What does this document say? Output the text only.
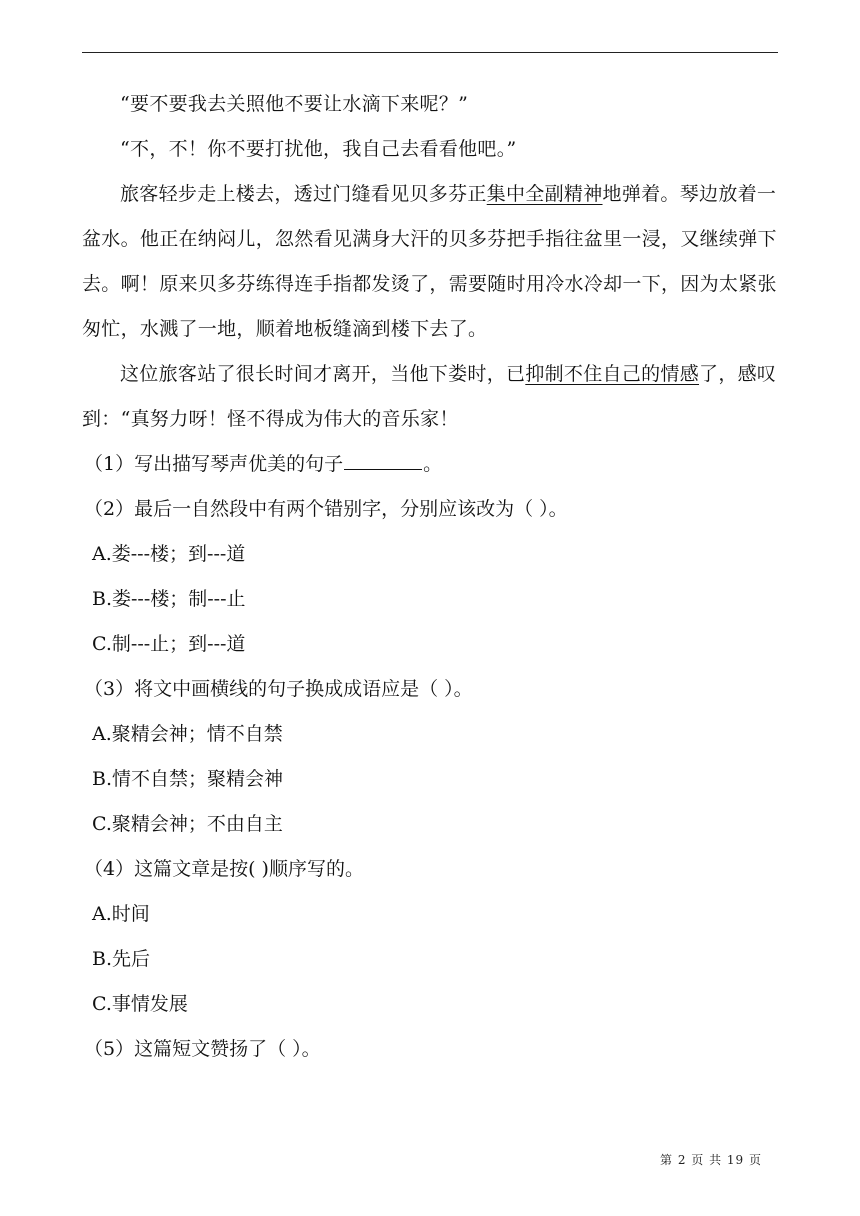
“要不要我去关照他不要让水滴下来呢？”

“不，不！你不要打扰他，我自己去看看他吧。”

旅客轻步走上楼去，透过门缝看见贝多芬正集中全副精神地弹着。琴边放着一盆水。他正在纳闷儿，忽然看见满身大汗的贝多芬把手指往盆里一浸，又继续弹下去。啊！原来贝多芬练得连手指都发烫了，需要随时用冷水冷却一下，因为太紧张匆忙，水溅了一地，顺着地板缝滴到楼下去了。

这位旅客站了很长时间才离开，当他下娄时，已抑制不住自己的情感了，感叹到：“真努力呀！怪不得成为伟大的音乐家！

（1）写出描写琴声优美的句子	。

（2）最后一自然段中有两个错别字，分别应该改为（ ）。

A.娄---楼；到---道

B.娄---楼；制---止

C.制---止；到---道

（3）将文中画横线的句子换成成语应是（ ）。

A.聚精会神；情不自禁

B.情不自禁；聚精会神

C.聚精会神；不由自主

（4）这篇文章是按( )顺序写的。

A.时间

B.先后

C.事情发展

（5）这篇短文赞扬了（ ）。

第 2 页 共 19 页
